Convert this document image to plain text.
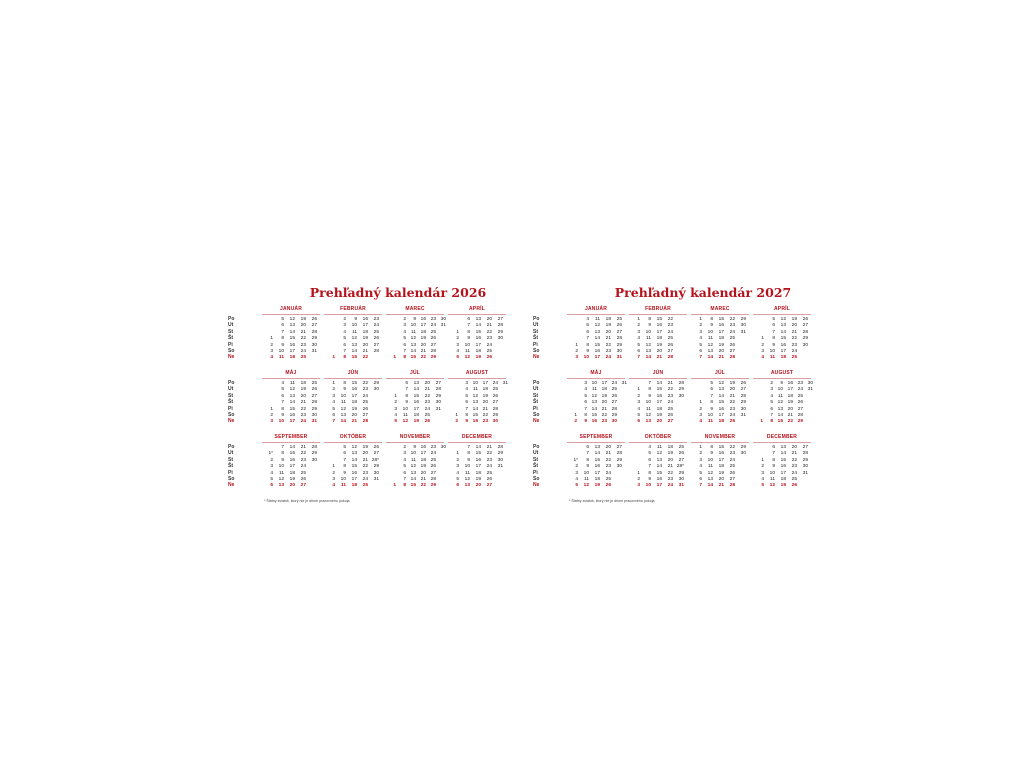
Prehľadný kalendár 2026
Po
Ut
St
Št
Pi
So
Ne
JANUÁR
5	12	19	26
6	13	20	27
7	14	21	28
1	8	15	22	29
2	9	16	23	30
3	10	17	24	31
4	11	18	25
FEBRUÁR
2	9	16	23
3	10	17	24
4	11	18	25
5	12	19	26
6	13	20	27
7	14	21	28
1	8	15	22
MAREC
2	9 16 23 30
3 10 17 24 31
4	11 18 25
5 12 19 26
6 13 20 27
7 14 21 28
1	8 15 22 29
APRÍL
6	13	20	27
7	14	21	28
1	8	15	22	29
2	9	16	23	30
3	10	17	24
4	11	18	25
5	12	19	26
Po
Ut
St
Št
Pi
So
Ne
MÁJ
4	11	18	25
5	12	19	26
6	13	20	27
7	14	21	28
1	8	15	22	29
2	9	16	23	30
3	10	17	24	31
JÚN
1	8	15	22	29
2	9	16	23	30
3	10	17	24
4	11	18	25
5	12	19	26
6	13	20	27
7	14	21	28
JÚL
6	13	20	27
7	14	21	28
1	8	15	22	29
2	9	16	23	30
3	10	17	24	31
4	11	18	25
5	12	19	26
AUGUST
3 10 17 24 31
4	11 18 25
5 12 19 26
6 13 20 27
7 14 21 28
1	8 15 22 29
2	9 16 23 30
Po
Ut
St
Št
Pi
So
Ne
SEPTEMBER
7	14	21	28
1*	8	15	22	29
2	9	16	23	30
3	10	17	24
4	11	18	25
5	12	19	26
6	13	20	27
OKTÓBER
5	12	19	26
6	13	20	27
7	14	21 28*
1	8	15	22	29
2	9	16	23	30
3	10	17	24	31
4	11	18	25
NOVEMBER
2	9 16 23 30
3 10 17 24
4	11 18 25
5 12 19 26
6 13 20 27
7 14 21 28
1	8 15 22 29
DECEMBER
7	14	21	28
1	8	15	22	29
2	9	16	23	30
3	10	17	24	31
4	11	18	25
5	12	19	26
6	13	20	27
* Štátny sviatok, ktorý nie je dňom pracovného pokoja
Prehľadný kalendár 2027
Po
Ut
St
Št
Pi
So
Ne
JANUÁR
4	11	18	25
5	12	19	26
6	13	20	27
7	14	21	28
1	8	15	22	29
2	9	16	23	30
3	10	17	24	31
FEBRUÁR
1	8	15	22
2	9	16	23
3	10	17	24
4	11	18	25
5	12	19	26
6	13	20	27
7	14	21	28
MAREC
1	8	15	22	29
2	9	16	23	30
3	10	17	24	31
4	11	18	25
5	12	19	26
6	13	20	27
7	14	21	28
APRÍL
5	12	19	26
6	13	20	27
7	14	21	28
1	8	15	22	29
2	9	16	23	30
3	10	17	24
4	11	18	25
Po
Ut
St
Št
Pi
So
Ne
MÁJ
3 10 17 24 31
4	11 18 25
5 12 19 26
6 13 20 27
7 14 21 28
1	8 15 22 29
2	9 16 23 30
JÚN
7	14	21	28
1	8	15	22	29
2	9	16	23	30
3	10	17	24
4	11	18	25
5	12	19	26
6	13	20	27
JÚL
5	12	19	26
6	13	20	27
7	14	21	28
1	8	15	22	29
2	9	16	23	30
3	10	17	24	31
4	11	18	25
AUGUST
2	9 16 23 30
3 10 17 24 31
4	11 18 25
5 12 19 26
6 13 20 27
7 14 21 28
1	8 15 22 29
Po
Ut
St
Št
Pi
So
Ne
SEPTEMBER
6	13	20	27
7	14	21	28
1*	8	15	22	29
2	9	16	23	30
3	10	17	24
4	11	18	25
5	12	19	26
OKTÓBER
4	11	18	25
5	12	19	26
6	13	20	27
7	14	21 28*
1	8	15	22	29
2	9	16	23	30
3	10	17	24	31
NOVEMBER
1	8	15	22	29
2	9	16	23	30
3	10	17	24
4	11	18	25
5	12	19	26
6	13	20	27
7	14	21	28
DECEMBER
6	13	20	27
7	14	21	28
1	8	15	22	29
2	9	16	23	30
3	10	17	24	31
4	11	18	25
5	12	19	26
* Štátny sviatok, ktorý nie je dňom pracovného pokoja
